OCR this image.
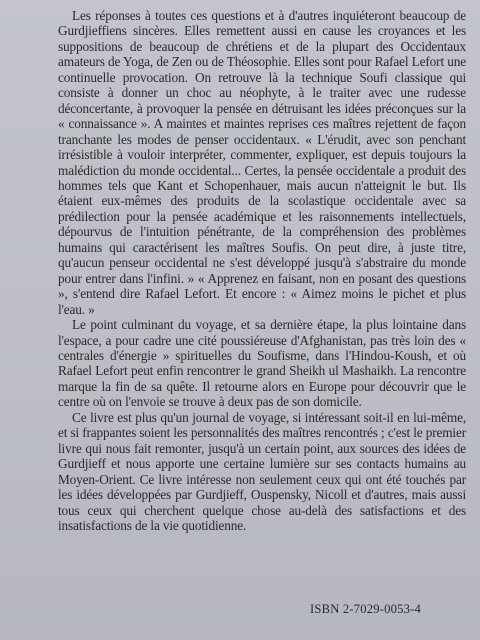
Les réponses à toutes ces questions et à d'autres inquiéteront beaucoup de Gurdjieffiens sincères. Elles remettent aussi en cause les croyances et les suppositions de beaucoup de chrétiens et de la plupart des Occidentaux amateurs de Yoga, de Zen ou de Théosophie. Elles sont pour Rafael Lefort une continuelle provocation. On retrouve là la technique Soufi classique qui consiste à donner un choc au néophyte, à le traiter avec une rudesse déconcertante, à provoquer la pensée en détruisant les idées préconçues sur la « connaissance ». A maintes et maintes reprises ces maîtres rejettent de façon tranchante les modes de penser occidentaux. « L'érudit, avec son penchant irrésistible à vouloir interpréter, commenter, expliquer, est depuis toujours la malédiction du monde occidental... Certes, la pensée occidentale a produit des hommes tels que Kant et Schopenhauer, mais aucun n'atteignit le but. Ils étaient eux-mêmes des produits de la scolastique occidentale avec sa prédilection pour la pensée académique et les raisonnements intellectuels, dépourvus de l'intuition pénétrante, de la compréhension des problèmes humains qui caractérisent les maîtres Soufis. On peut dire, à juste titre, qu'aucun penseur occidental ne s'est développé jusqu'à s'abstraire du monde pour entrer dans l'infini. » « Apprenez en faisant, non en posant des questions », s'entend dire Rafael Lefort. Et encore : « Aimez moins le pichet et plus l'eau. »

Le point culminant du voyage, et sa dernière étape, la plus lointaine dans l'espace, a pour cadre une cité poussiéreuse d'Afghanistan, pas très loin des « centrales d'énergie » spirituelles du Soufisme, dans l'Hindou-Koush, et où Rafael Lefort peut enfin rencontrer le grand Sheikh ul Mashaikh. La rencontre marque la fin de sa quête. Il retourne alors en Europe pour découvrir que le centre où on l'envoie se trouve à deux pas de son domicile.

Ce livre est plus qu'un journal de voyage, si intéressant soit-il en lui-même, et si frappantes soient les personnalités des maîtres rencontrés ; c'est le premier livre qui nous fait remonter, jusqu'à un certain point, aux sources des idées de Gurdjieff et nous apporte une certaine lumière sur ses contacts humains au Moyen-Orient. Ce livre intéresse non seulement ceux qui ont été touchés par les idées développées par Gurdjieff, Ouspensky, Nicoll et d'autres, mais aussi tous ceux qui cherchent quelque chose au-delà des satisfactions et des insatisfactions de la vie quotidienne.

ISBN 2-7029-0053-4
